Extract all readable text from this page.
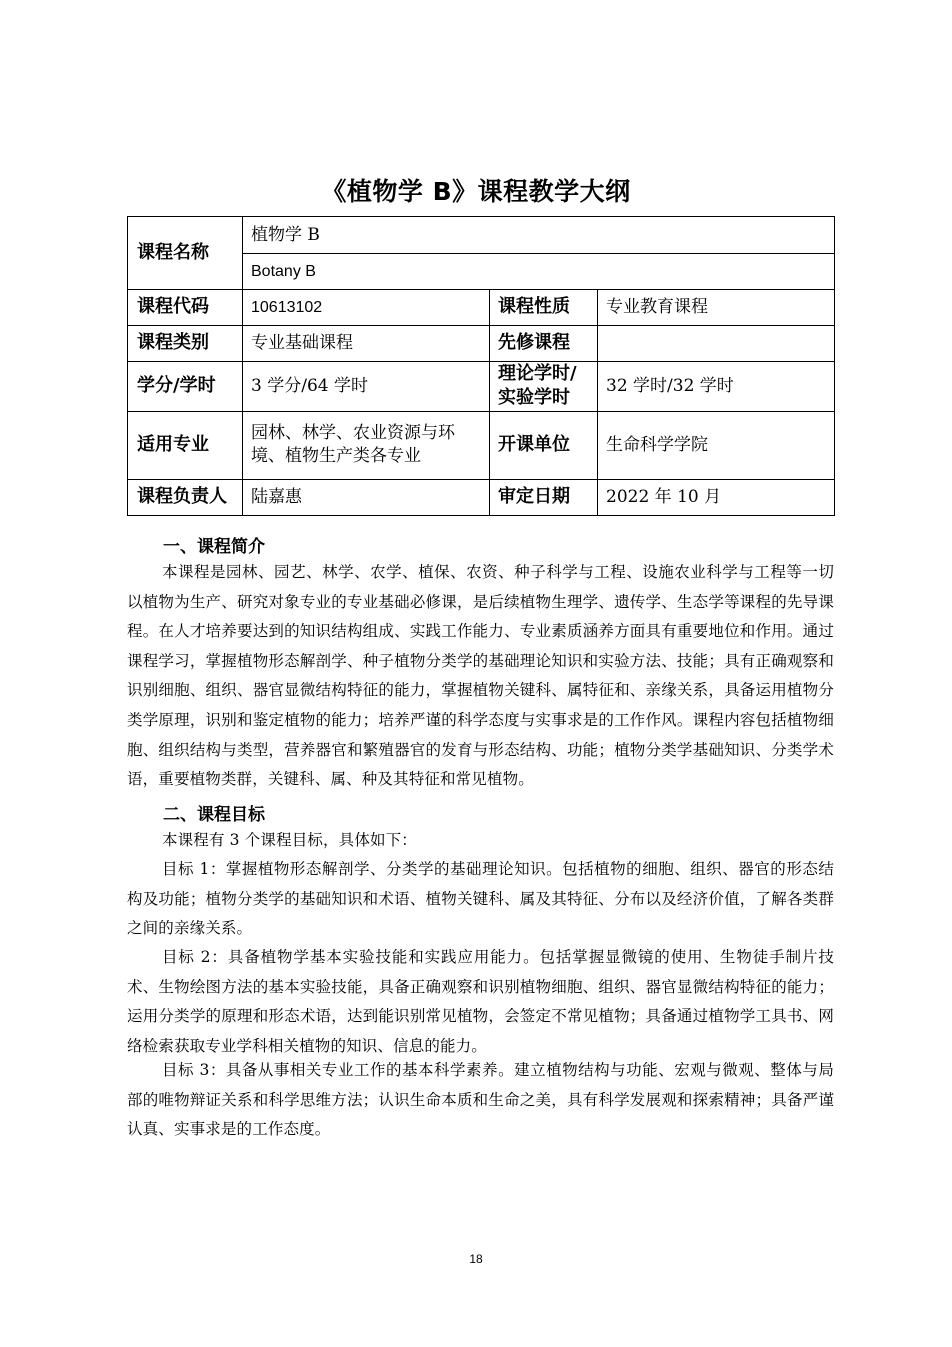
《植物学 B》课程教学大纲
课程名称	植物学 B		
	Botany B		
课程代码	10613102	课程性质	专业教育课程
课程类别	专业基础课程	先修课程	
学分/学时	3 学分/64 学时	理论学时/实验学时	32 学时/32 学时
适用专业	园林、林学、农业资源与环境、植物生产类各专业	开课单位	生命科学学院
课程负责人	陆嘉惠	审定日期	2022 年 10 月
一、课程简介
本课程是园林、园艺、林学、农学、植保、农资、种子科学与工程、设施农业科学与工程等一切以植物为生产、研究对象专业的专业基础必修课，是后续植物生理学、遗传学、生态学等课程的先导课程。在人才培养要达到的知识结构组成、实践工作能力、专业素质涵养方面具有重要地位和作用。通过课程学习，掌握植物形态解剖学、种子植物分类学的基础理论知识和实验方法、技能；具有正确观察和识别细胞、组织、器官显微结构特征的能力，掌握植物关键科、属特征和、亲缘关系，具备运用植物分类学原理，识别和鉴定植物的能力；培养严谨的科学态度与实事求是的工作作风。课程内容包括植物细胞、组织结构与类型，营养器官和繁殖器官的发育与形态结构、功能；植物分类学基础知识、分类学术语，重要植物类群，关键科、属、种及其特征和常见植物。
二、课程目标
本课程有 3 个课程目标，具体如下：
目标 1：掌握植物形态解剖学、分类学的基础理论知识。包括植物的细胞、组织、器官的形态结构及功能；植物分类学的基础知识和术语、植物关键科、属及其特征、分布以及经济价值，了解各类群之间的亲缘关系。
目标 2：具备植物学基本实验技能和实践应用能力。包括掌握显微镜的使用、生物徒手制片技术、生物绘图方法的基本实验技能，具备正确观察和识别植物细胞、组织、器官显微结构特征的能力；运用分类学的原理和形态术语，达到能识别常见植物，会签定不常见植物；具备通过植物学工具书、网络检索获取专业学科相关植物的知识、信息的能力。
目标 3：具备从事相关专业工作的基本科学素养。建立植物结构与功能、宏观与微观、整体与局部的唯物辩证关系和科学思维方法；认识生命本质和生命之美，具有科学发展观和探索精神；具备严谨认真、实事求是的工作态度。
18
